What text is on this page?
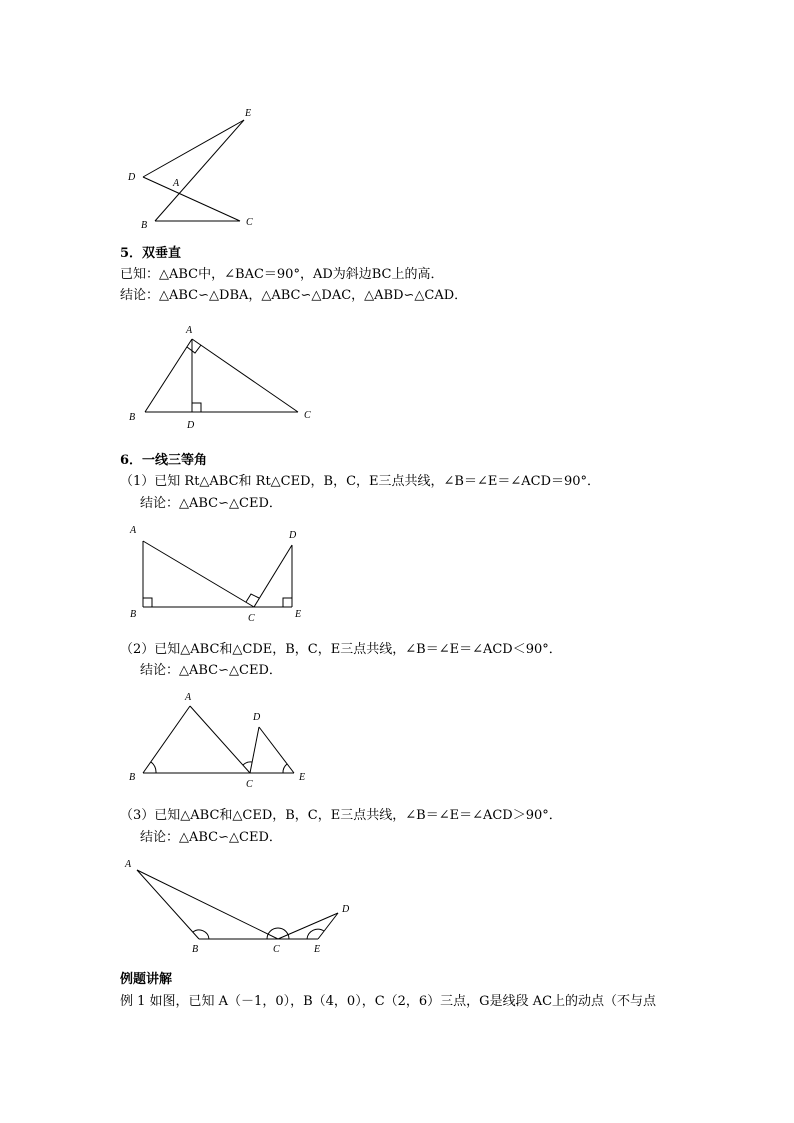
E
D
A
B	C
5．双垂直
已知：△ABC中，∠BAC＝90°，AD为斜边BC上的高．
结论：△ABC∽△DBA，△ABC∽△DAC，△ABD∽△CAD．
A
B	C
D
6．一线三等角
（1）已知 Rt△ABC和 Rt△CED，B，C，E三点共线，∠B＝∠E＝∠ACD＝90°．
结论：△ABC∽△CED．
A
B	C
D
E
（2）已知△ABC和△CDE，B，C，E三点共线，∠B＝∠E＝∠ACD＜90°．
结论：△ABC∽△CED．
A
B
C
D
E
（3）已知△ABC和△CED，B，C，E三点共线，∠B＝∠E＝∠ACD＞90°．
结论：△ABC∽△CED．
A
B	C
D
E
例题讲解
例 1 如图，已知 A（－1，0），B（4，0），C（2，6）三点，G是线段 AC上的动点（不与点
